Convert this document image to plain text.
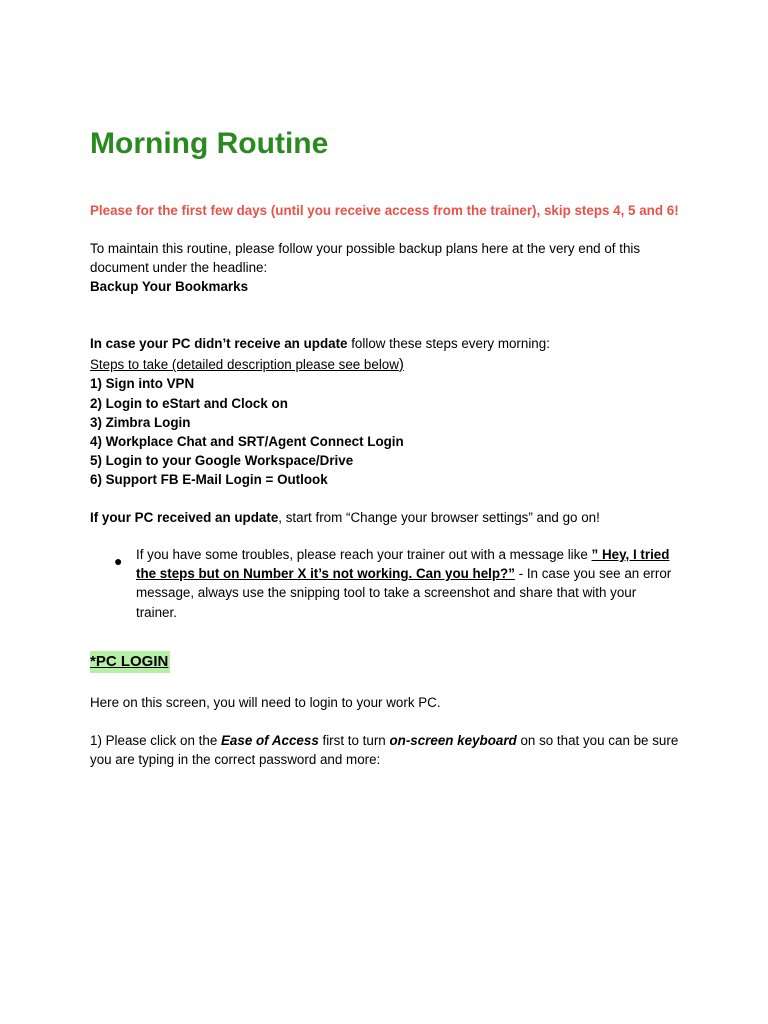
Morning Routine

Please for the first few days (until you receive access from the trainer), skip steps 4, 5 and 6!

To maintain this routine, please follow your possible backup plans here at the very end of this

document under the headline:

Backup Your Bookmarks

In case your PC didn’t receive an update follow these steps every morning:

Steps to take (detailed description please see below)

1) Sign into VPN
2) Login to eStart and Clock on
3) Zimbra Login
4) Workplace Chat and SRT/Agent Connect Login
5) Login to your Google Workspace/Drive
6) Support FB E-Mail Login = Outlook

If your PC received an update, start from “Change your browser settings” and go on!

● If you have some troubles, please reach your trainer out with a message like ” Hey, I tried the steps but on Number X it’s not working. Can you help?” - In case you see an error message, always use the snipping tool to take a screenshot and share that with your trainer.

*PC LOGIN

Here on this screen, you will need to login to your work PC.

1) Please click on the Ease of Access first to turn on-screen keyboard on so that you can be sure

you are typing in the correct password and more:
